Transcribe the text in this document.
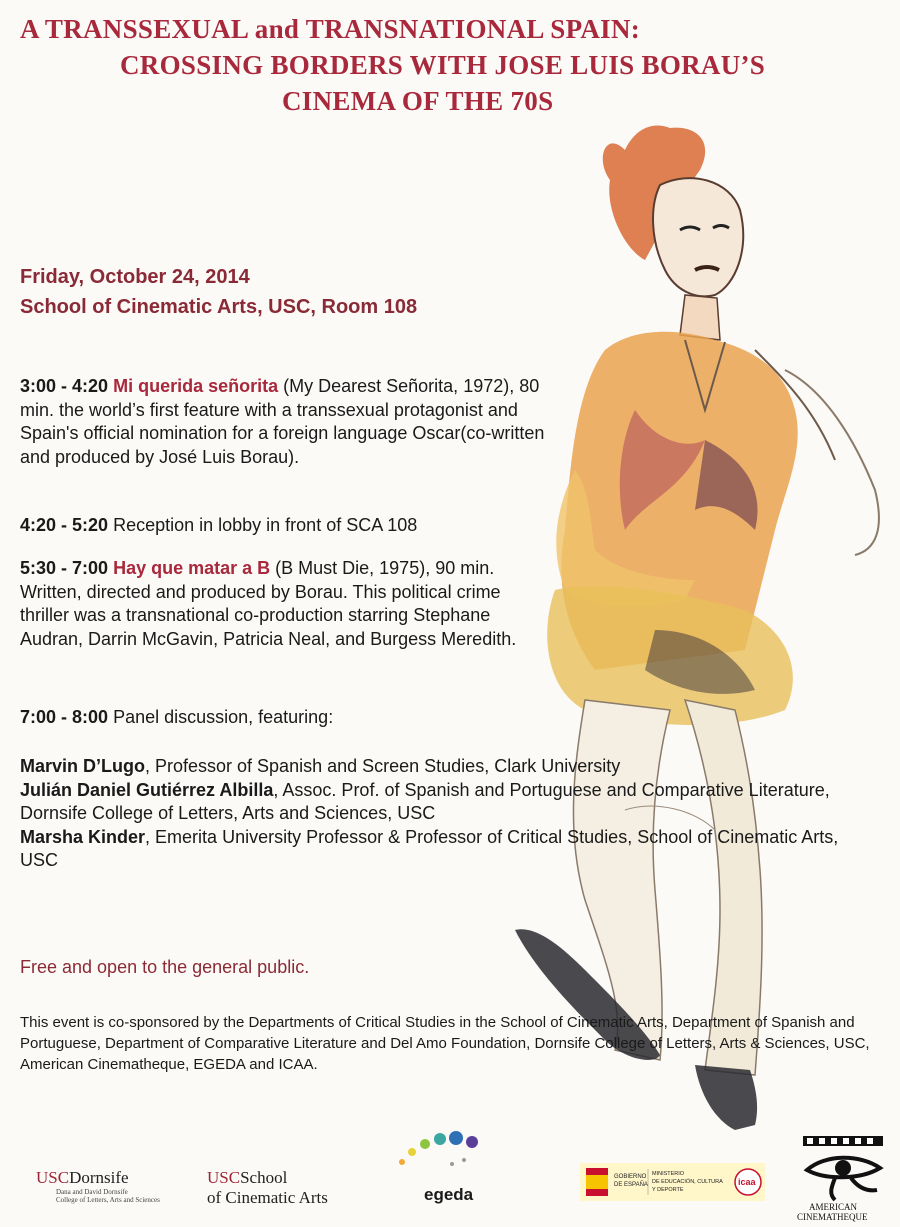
A TRANSSEXUAL and TRANSNATIONAL SPAIN:
CROSSING BORDERS WITH JOSE LUIS BORAU’S
CINEMA OF THE 70S

Friday, October 24, 2014

School of Cinematic Arts, USC, Room 108

3:00 - 4:20 Mi querida señorita (My Dearest Señorita, 1972), 80 min. the world’s first feature with a transsexual protagonist and Spain's official nomination for a foreign language Oscar(co-written and produced by José Luis Borau).

4:20 - 5:20 Reception in lobby in front of SCA 108

5:30 - 7:00 Hay que matar a B (B Must Die, 1975), 90 min. Written, directed and produced by Borau. This political crime thriller was a transnational co-production starring Stephane Audran, Darrin McGavin, Patricia Neal, and Burgess Meredith.

7:00 - 8:00 Panel discussion, featuring:

Marvin D’Lugo, Professor of Spanish and Screen Studies, Clark University
Julián Daniel Gutiérrez Albilla, Assoc. Prof. of Spanish and Portuguese and Comparative Literature, Dornsife College of Letters, Arts and Sciences, USC
Marsha Kinder, Emerita University Professor & Professor of Critical Studies, School of Cinematic Arts, USC

Free and open to the general public.

This event is co-sponsored by the Departments of Critical Studies in the School of Cinematic Arts, Department of Spanish and Portuguese, Department of Comparative Literature and Del Amo Foundation, Dornsife College of Letters, Arts & Sciences, USC, American Cinematheque, EGEDA and ICAA.

USCDornsife
Dana and David Dornsife
College of Letters, Arts and Sciences
USCSchool
of Cinematic Arts	egeda
GOBIERNO
DE ESPAÑA
MINISTERIO
DE EDUCACIÓN, CULTURA
Y DEPORTE
icaa
AMERICAN
CINEMATHEQUE
